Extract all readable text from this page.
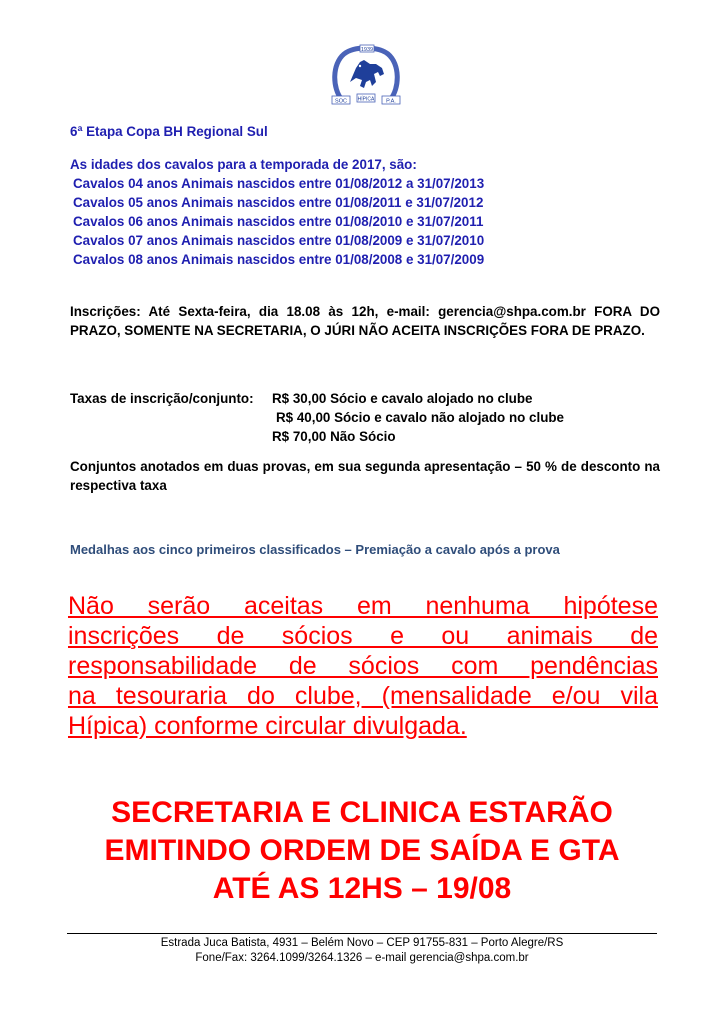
1939
SOC HÍPICA P.A.
6ª Etapa Copa BH Regional Sul
As idades dos cavalos para a temporada de 2017, são:
Cavalos 04 anos Animais nascidos entre 01/08/2012 a 31/07/2013
Cavalos 05 anos Animais nascidos entre 01/08/2011 e 31/07/2012
Cavalos 06 anos Animais nascidos entre 01/08/2010 e 31/07/2011
Cavalos 07 anos Animais nascidos entre 01/08/2009 e 31/07/2010
Cavalos 08 anos Animais nascidos entre 01/08/2008 e 31/07/2009
Inscrições: Até Sexta-feira, dia 18.08 às 12h, e-mail: gerencia@shpa.com.br FORA DO PRAZO, SOMENTE NA SECRETARIA, O JÚRI NÃO ACEITA INSCRIÇÕES FORA DE PRAZO.
Taxas de inscrição/conjunto: R$ 30,00 Sócio e cavalo alojado no clube
R$ 40,00 Sócio e cavalo não alojado no clube
R$ 70,00 Não Sócio
Conjuntos anotados em duas provas, em sua segunda apresentação – 50 % de desconto na respectiva taxa
Medalhas aos cinco primeiros classificados – Premiação a cavalo após a prova
Não serão aceitas em nenhuma hipótese
inscrições de sócios e ou animais de
responsabilidade de sócios com pendências
na tesouraria do clube, (mensalidade e/ou vila
Hípica) conforme circular divulgada.
SECRETARIA E CLINICA ESTARÃO
EMITINDO ORDEM DE SAÍDA E GTA
ATÉ AS 12HS – 19/08
Estrada Juca Batista, 4931 – Belém Novo – CEP 91755-831 – Porto Alegre/RS
Fone/Fax: 3264.1099/3264.1326 – e-mail gerencia@shpa.com.br
